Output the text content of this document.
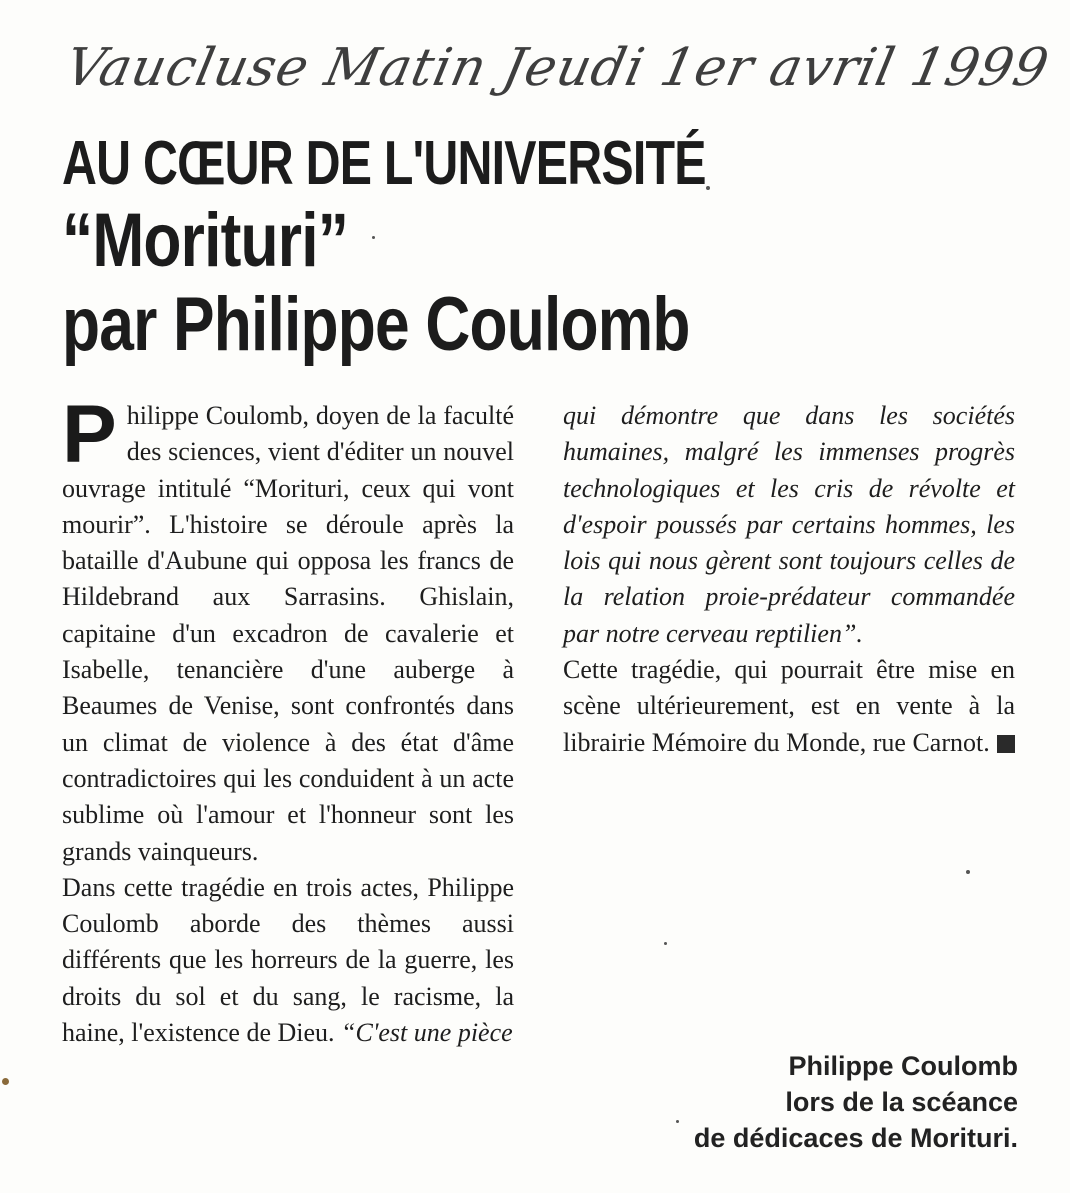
Vaucluse Matin Jeudi 1er avril 1999
AU CŒUR DE L'UNIVERSITÉ
“Morituri”
par Philippe Coulomb
P hilippe Coulomb, doyen de la faculté des sciences, vient d'éditer un nouvel ouvrage intitulé “Morituri, ceux qui vont mourir”. L'histoire se déroule après la bataille d'Aubune qui opposa les francs de Hildebrand aux Sarrasins. Ghislain, capitaine d'un excadron de cavalerie et Isabelle, tenancière d'une auberge à Beaumes de Venise, sont confrontés dans un climat de violence à des état d'âme contradictoires qui les conduident à un acte sublime où l'amour et l'honneur sont les grands vainqueurs.

Dans cette tragédie en trois actes, Philippe Coulomb aborde des thèmes aussi différents que les horreurs de la guerre, les droits du sol et du sang, le racisme, la haine, l'existence de Dieu. “C'est une pièce

qui démontre que dans les sociétés humaines, malgré les immenses progrès technologiques et les cris de révolte et d'espoir poussés par certains hommes, les lois qui nous gèrent sont toujours celles de la relation proie-prédateur commandée par notre cerveau reptilien”.

Cette tragédie, qui pourrait être mise en scène ultérieurement, est en vente à la librairie Mémoire du Monde, rue Carnot.

Philippe Coulomb
lors de la scéance
de dédicaces de Morituri.
